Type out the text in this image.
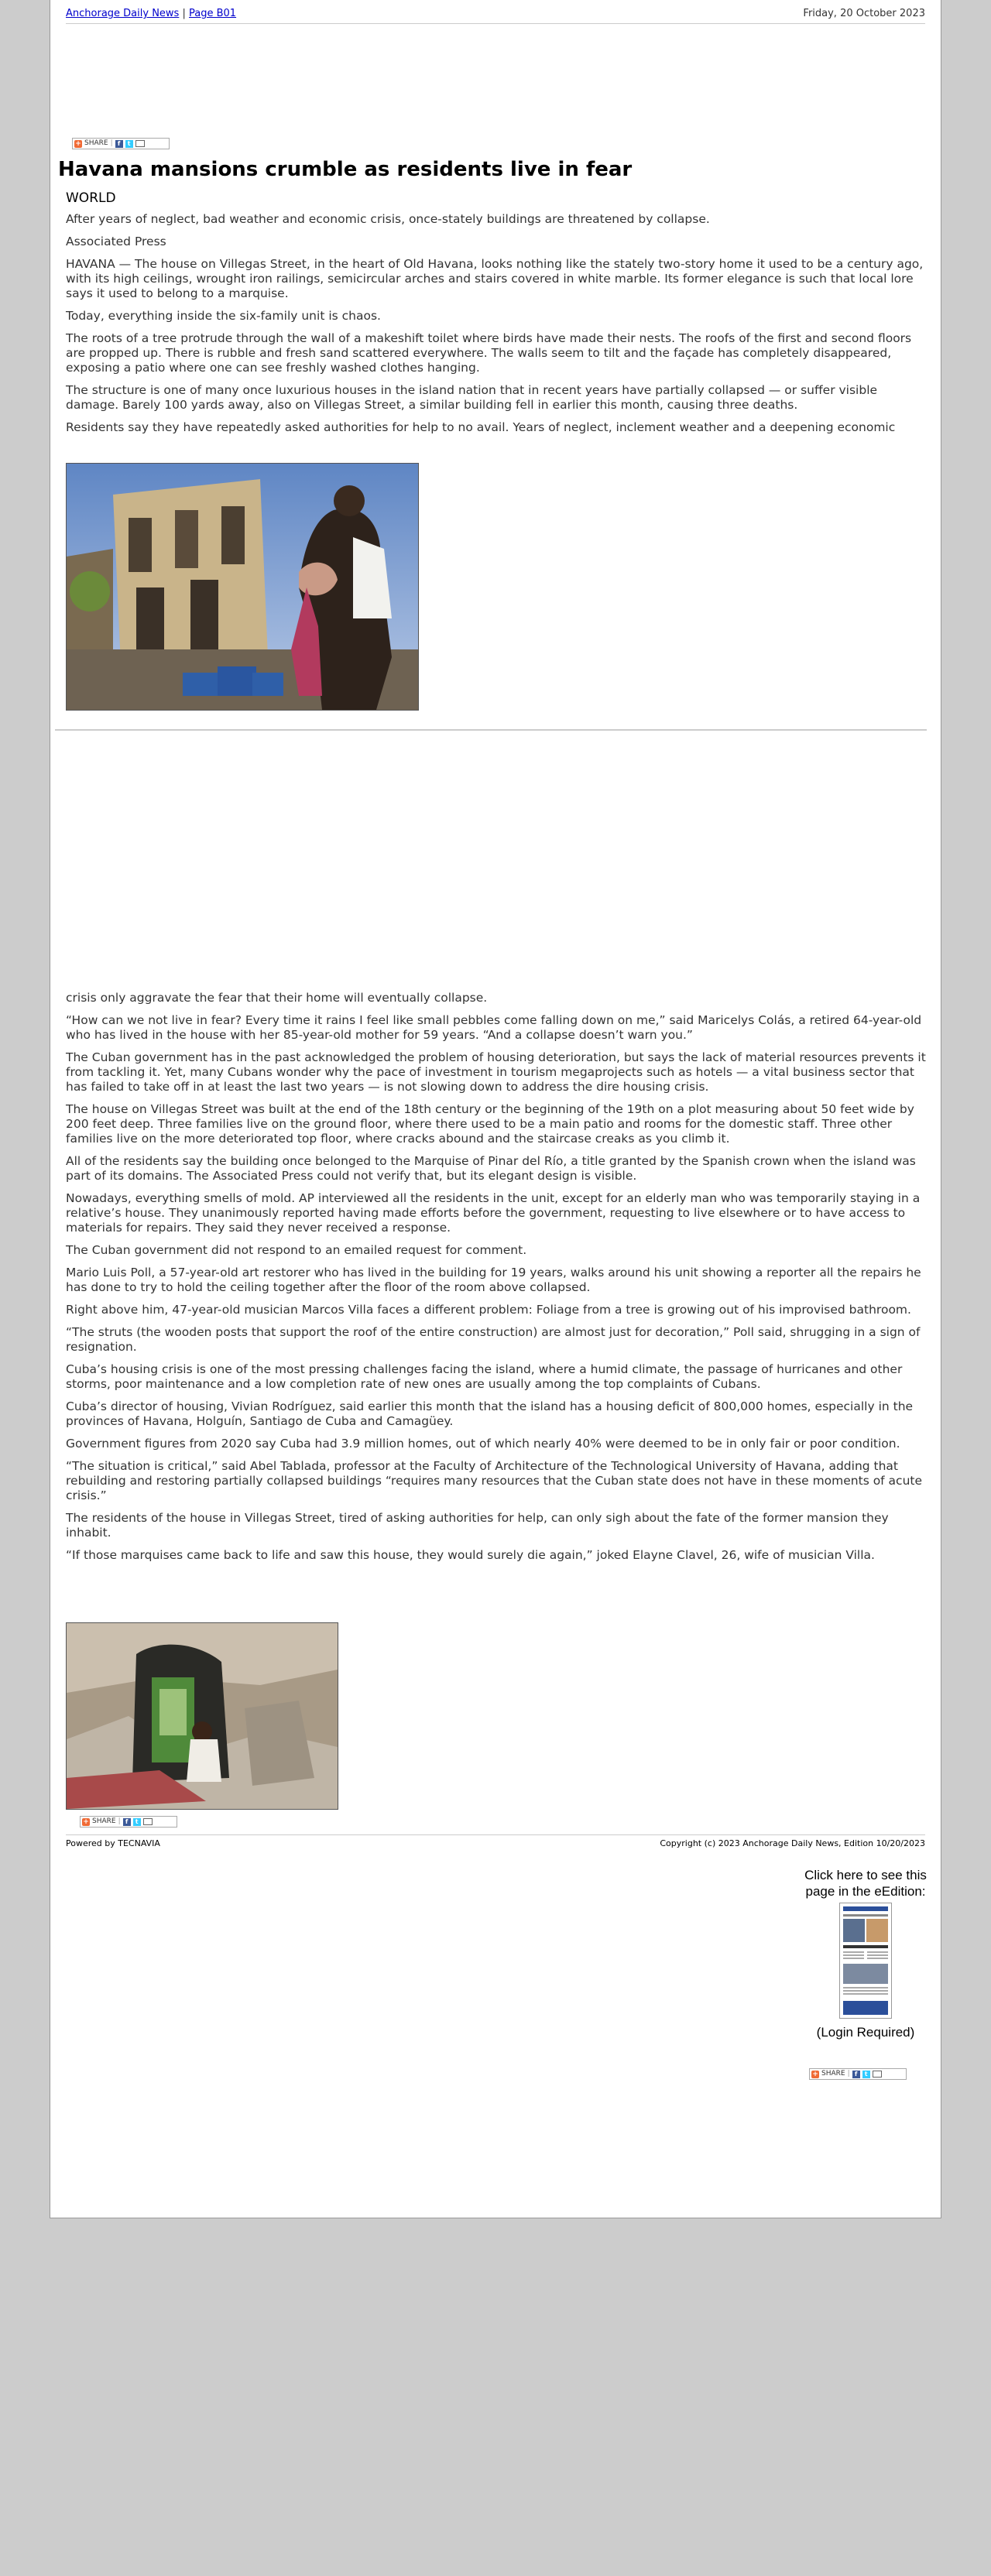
Anchorage Daily News | Page B01	Friday, 20 October 2023
+ SHARE | f	t
Havana mansions crumble as residents live in fear
WORLD

After years of neglect, bad weather and economic crisis, once-stately buildings are threatened by collapse.

Associated Press

HAVANA — The house on Villegas Street, in the heart of Old Havana, looks nothing like the stately two-story home it used to be a century ago, with its high ceilings, wrought iron railings, semicircular arches and stairs covered in white marble. Its former elegance is such that local lore says it used to belong to a marquise.

Today, everything inside the six-family unit is chaos.

The roots of a tree protrude through the wall of a makeshift toilet where birds have made their nests. The roofs of the first and second floors are propped up. There is rubble and fresh sand scattered everywhere. The walls seem to tilt and the façade has completely disappeared, exposing a patio where one can see freshly washed clothes hanging.

The structure is one of many once luxurious houses in the island nation that in recent years have partially collapsed — or suffer visible damage. Barely 100 yards away, also on Villegas Street, a similar building fell in earlier this month, causing three deaths.

Residents say they have repeatedly asked authorities for help to no avail. Years of neglect, inclement weather and a deepening economic

crisis only aggravate the fear that their home will eventually collapse.

“How can we not live in fear? Every time it rains I feel like small pebbles come falling down on me,” said Maricelys Colás, a retired 64-year-old who has lived in the house with her 85-year-old mother for 59 years. “And a collapse doesn’t warn you.”

The Cuban government has in the past acknowledged the problem of housing deterioration, but says the lack of material resources prevents it from tackling it. Yet, many Cubans wonder why the pace of investment in tourism megaprojects such as hotels — a vital business sector that has failed to take off in at least the last two years — is not slowing down to address the dire housing crisis.

The house on Villegas Street was built at the end of the 18th century or the beginning of the 19th on a plot measuring about 50 feet wide by 200 feet deep. Three families live on the ground floor, where there used to be a main patio and rooms for the domestic staff. Three other families live on the more deteriorated top floor, where cracks abound and the staircase creaks as you climb it.

All of the residents say the building once belonged to the Marquise of Pinar del Río, a title granted by the Spanish crown when the island was part of its domains. The Associated Press could not verify that, but its elegant design is visible.

Nowadays, everything smells of mold. AP interviewed all the residents in the unit, except for an elderly man who was temporarily staying in a relative’s house. They unanimously reported having made efforts before the government, requesting to live elsewhere or to have access to materials for repairs. They said they never received a response.

The Cuban government did not respond to an emailed request for comment.

Mario Luis Poll, a 57-year-old art restorer who has lived in the building for 19 years, walks around his unit showing a reporter all the repairs he has done to try to hold the ceiling together after the floor of the room above collapsed.

Right above him, 47-year-old musician Marcos Villa faces a different problem: Foliage from a tree is growing out of his improvised bathroom.

“The struts (the wooden posts that support the roof of the entire construction) are almost just for decoration,” Poll said, shrugging in a sign of resignation.

Cuba’s housing crisis is one of the most pressing challenges facing the island, where a humid climate, the passage of hurricanes and other storms, poor maintenance and a low completion rate of new ones are usually among the top complaints of Cubans.

Cuba’s director of housing, Vivian Rodríguez, said earlier this month that the island has a housing deficit of 800,000 homes, especially in the provinces of Havana, Holguín, Santiago de Cuba and Camagüey.

Government figures from 2020 say Cuba had 3.9 million homes, out of which nearly 40% were deemed to be in only fair or poor condition.

“The situation is critical,” said Abel Tablada, professor at the Faculty of Architecture of the Technological University of Havana, adding that rebuilding and restoring partially collapsed buildings “requires many resources that the Cuban state does not have in these moments of acute crisis.”

The residents of the house in Villegas Street, tired of asking authorities for help, can only sigh about the fate of the former mansion they inhabit.

“If those marquises came back to life and saw this house, they would surely die again,” joked Elayne Clavel, 26, wife of musician Villa.

+ SHARE | f	t
Powered by TECNAVIA	Copyright (c) 2023 Anchorage Daily News, Edition 10/20/2023
Click here to see this page in the eEdition:
(Login Required)
+ SHARE | f	t
